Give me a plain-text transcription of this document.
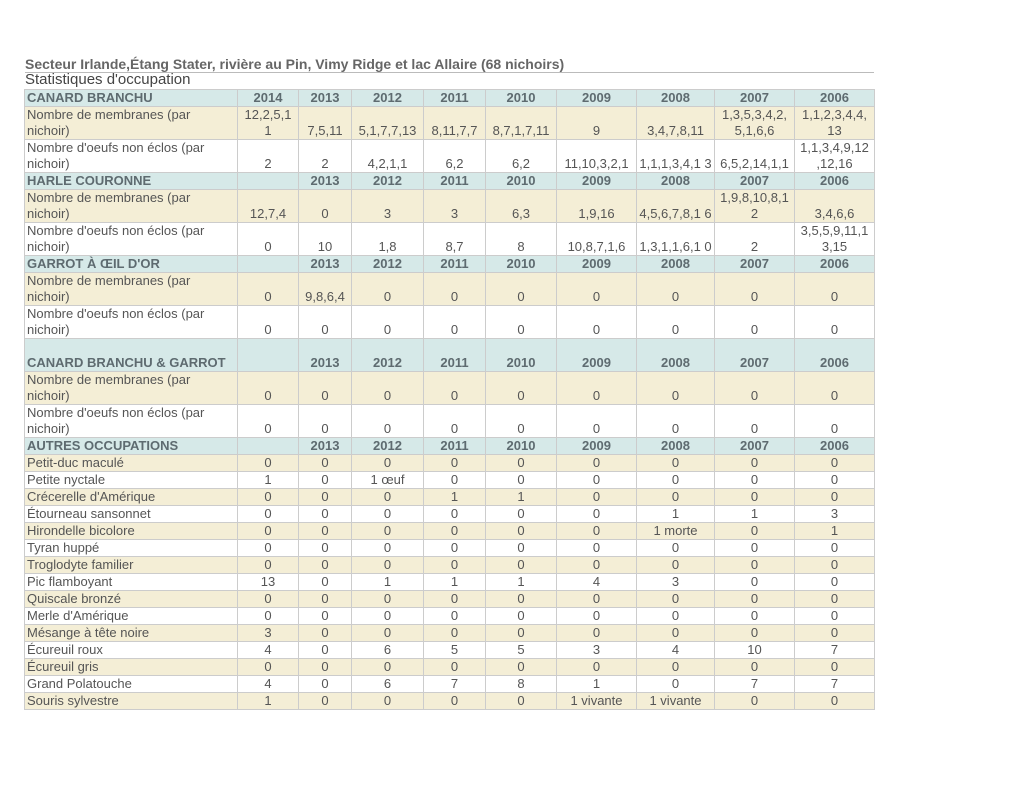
Secteur Irlande,Étang Stater, rivière au Pin, Vimy Ridge et lac Allaire (68 nichoirs)
Statistiques d'occupation
CANARD BRANCHU	2014	2013	2012	2011	2010	2009	2008	2007	2006
Nombre de membranes (par nichoir)	12,2,5,1 1	7,5,11	5,1,7,7,13	8,11,7,7	8,7,1,7,11	9	3,4,7,8,11	1,3,5,3,4,2, 5,1,6,6	1,1,2,3,4,4, 13
Nombre d'oeufs non éclos (par nichoir)	2	2	4,2,1,1	6,2	6,2	11,10,3,2,1	1,1,1,3,4,1 3	6,5,2,14,1,1	1,1,3,4,9,12 ,12,16
HARLE COURONNE		2013	2012	2011	2010	2009	2008	2007	2006
Nombre de membranes (par nichoir)	12,7,4	0	3	3	6,3	1,9,16	4,5,6,7,8,1 6	1,9,8,10,8,1 2	3,4,6,6
Nombre d'oeufs non éclos (par nichoir)	0	10	1,8	8,7	8	10,8,7,1,6	1,3,1,1,6,1 0	2	3,5,5,9,11,1 3,15
GARROT À ŒIL D'OR		2013	2012	2011	2010	2009	2008	2007	2006
Nombre de membranes (par nichoir)	0	9,8,6,4	0	0	0	0	0	0	0
Nombre d'oeufs non éclos (par nichoir)	0	0	0	0	0	0	0	0	0
CANARD BRANCHU & GARROT		2013	2012	2011	2010	2009	2008	2007	2006
Nombre de membranes (par nichoir)	0	0	0	0	0	0	0	0	0
Nombre d'oeufs non éclos (par nichoir)	0	0	0	0	0	0	0	0	0
AUTRES OCCUPATIONS		2013	2012	2011	2010	2009	2008	2007	2006
Petit-duc maculé	0	0	0	0	0	0	0	0	0
Petite nyctale	1	0	1 œuf	0	0	0	0	0	0
Crécerelle d'Amérique	0	0	0	1	1	0	0	0	0
Étourneau sansonnet	0	0	0	0	0	0	1	1	3
Hirondelle bicolore	0	0	0	0	0	0	1 morte	0	1
Tyran huppé	0	0	0	0	0	0	0	0	0
Troglodyte familier	0	0	0	0	0	0	0	0	0
Pic flamboyant	13	0	1	1	1	4	3	0	0
Quiscale bronzé	0	0	0	0	0	0	0	0	0
Merle d'Amérique	0	0	0	0	0	0	0	0	0
Mésange à tête noire	3	0	0	0	0	0	0	0	0
Écureuil roux	4	0	6	5	5	3	4	10	7
Écureuil gris	0	0	0	0	0	0	0	0	0
Grand Polatouche	4	0	6	7	8	1	0	7	7
Souris sylvestre	1	0	0	0	0	1 vivante	1 vivante	0	0
